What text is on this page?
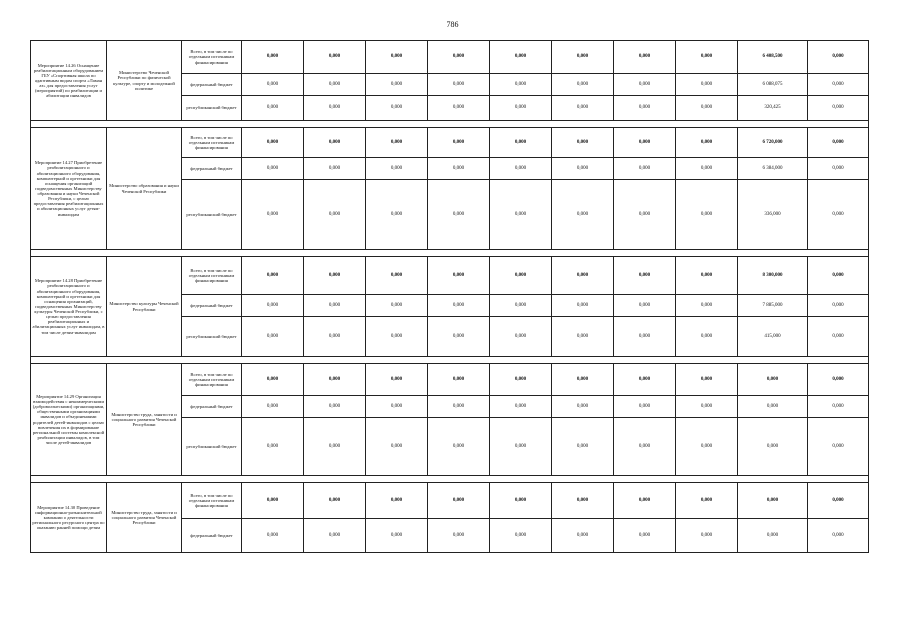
786
Мероприятие 14.26 Оснащение реабилитационным оборудованием ГБУ «Спортивная школа по адаптивным видам спорта «Ламан аз» для предоставления услуг (мероприятий) по реабилитации и абилитации инвалидов	Министерство Чеченской Республики по физической культуре, спорту и молодежной политике	Всего, в том числе по отдельным источникам финансирования	0,000	0,000	0,000	0,000	0,000	0,000	0,000	0,000	6 408,500	0,000
		федеральный бюджет	0,000	0,000	0,000	0,000	0,000	0,000	0,000	0,000	6 088,075	0,000
		республиканский бюджет	0,000	0,000	0,000	0,000	0,000	0,000	0,000	0,000	320,425	0,000

Мероприятие 14.27 Приобретение реабилитационного и абилитационного оборудования, компьютерной и оргтехники для оснащения организаций подведомственных Министерству образования и науки Чеченской Республики, с целью предоставления реабилитационных и абилитационных услуг детям-инвалидам	Министерство образования и науки Чеченской Республики	Всего, в том числе по отдельным источникам финансирования	0,000	0,000	0,000	0,000	0,000	0,000	0,000	0,000	6 720,000	0,000
		федеральный бюджет	0,000	0,000	0,000	0,000	0,000	0,000	0,000	0,000	6 384,000	0,000
		республиканский бюджет	0,000	0,000	0,000	0,000	0,000	0,000	0,000	0,000	336,000	0,000

Мероприятие 14.28 Приобретение реабилитационного и абилитационного оборудования, компьютерной и оргтехники для оснащения организаций, подведомственных Министерству культуры Чеченской Республики, с целью предоставления реабилитационных и абилитационных услуг инвалидам, в том числе детям-инвалидам	Министерство культуры Чеченской Республики	Всего, в том числе по отдельным источникам финансирования	0,000	0,000	0,000	0,000	0,000	0,000	0,000	0,000	8 300,000	0,000
		федеральный бюджет	0,000	0,000	0,000	0,000	0,000	0,000	0,000	0,000	7 885,000	0,000
		республиканский бюджет	0,000	0,000	0,000	0,000	0,000	0,000	0,000	0,000	415,000	0,000

Мероприятие 14.29 Организация взаимодействия с некоммерческими (добровольческими) организациями, общественными организациями инвалидов и объединениями родителей детей-инвалидов с целью вовлечения их в формирование региональной системы комплексной реабилитации инвалидов, в том числе детей-инвалидов	Министерство труда, занятости и социального развития Чеченской Республики	Всего, в том числе по отдельным источникам финансирования	0,000	0,000	0,000	0,000	0,000	0,000	0,000	0,000	0,000	0,000
		федеральный бюджет	0,000	0,000	0,000	0,000	0,000	0,000	0,000	0,000	0,000	0,000
		республиканский бюджет	0,000	0,000	0,000	0,000	0,000	0,000	0,000	0,000	0,000	0,000

Мероприятие 14.30 Проведение информационно-разъяснительной кампании о деятельности регионального ресурсного центра по оказанию ранней помощи детям	Министерство труда, занятости и социального развития Чеченской Республики	Всего, в том числе по отдельным источникам финансирования	0,000	0,000	0,000	0,000	0,000	0,000	0,000	0,000	0,000	0,000
		федеральный бюджет	0,000	0,000	0,000	0,000	0,000	0,000	0,000	0,000	0,000	0,000
